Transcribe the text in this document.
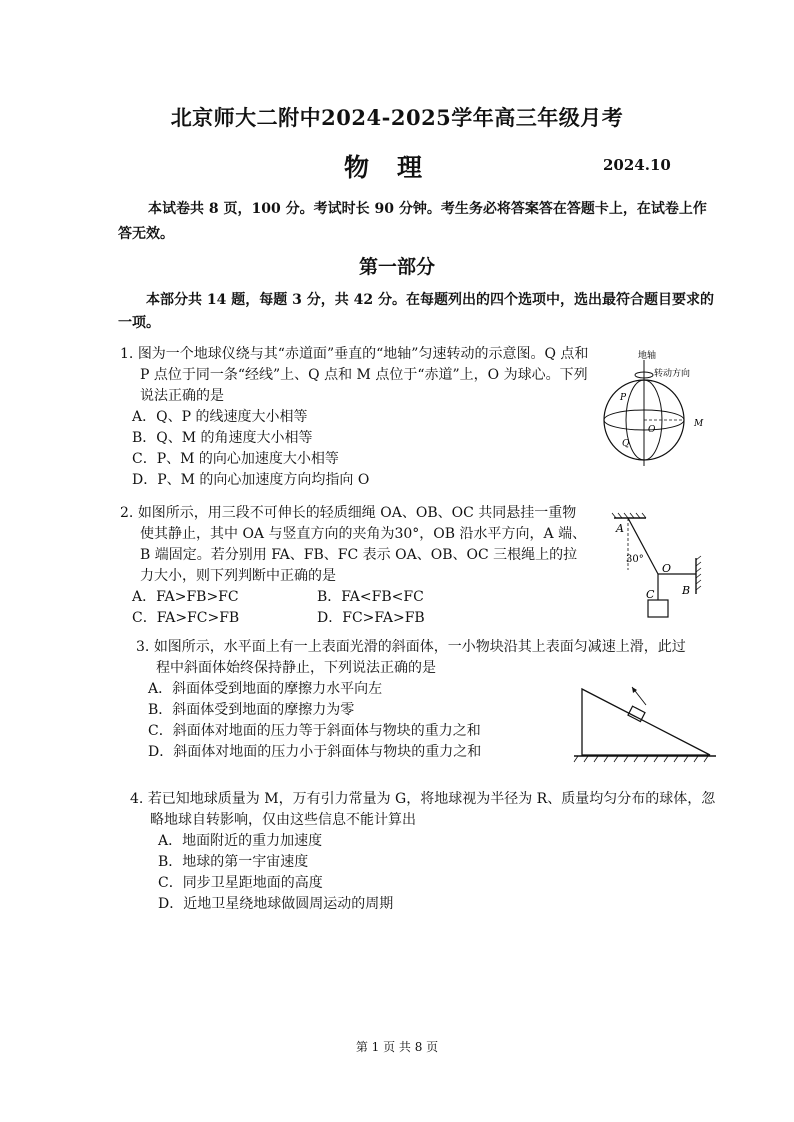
北京师大二附中2024-2025学年高三年级月考
物理	2024.10
本试卷共 8 页，100 分。考试时长 90 分钟。考生务必将答案答在答题卡上，在试卷上作答无效。
第一部分
本部分共 14 题，每题 3 分，共 42 分。在每题列出的四个选项中，选出最符合题目要求的一项。
1. 图为一个地球仪绕与其“赤道面”垂直的“地轴”匀速转动的示意图。Q 点和 P 点位于同一条“经线”上、Q 点和 M 点位于“赤道”上，O 为球心。下列说法正确的是
A．Q、P 的线速度大小相等
B．Q、M 的角速度大小相等
C．P、M 的向心加速度大小相等
D．P、M 的向心加速度方向均指向 O
地轴
转动方向
P
O
Q
M
2. 如图所示，用三段不可伸长的轻质细绳 OA、OB、OC 共同悬挂一重物使其静止，其中 OA 与竖直方向的夹角为30°，OB 沿水平方向，A 端、B 端固定。若分别用 FA、FB、FC 表示 OA、OB、OC 三根绳上的拉力大小，则下列判断中正确的是
A．FA>FB>FC	B．FA<FB<FC
C．FA>FC>FB	D．FC>FA>FB
A
30°
O
B
C
3. 如图所示，水平面上有一上表面光滑的斜面体，一小物块沿其上表面匀减速上滑，此过程中斜面体始终保持静止，下列说法正确的是
A．斜面体受到地面的摩擦力水平向左
B．斜面体受到地面的摩擦力为零
C．斜面体对地面的压力等于斜面体与物块的重力之和
D．斜面体对地面的压力小于斜面体与物块的重力之和
4. 若已知地球质量为 M，万有引力常量为 G，将地球视为半径为 R、质量均匀分布的球体，忽略地球自转影响，仅由这些信息不能计算出
A．地面附近的重力加速度
B．地球的第一宇宙速度
C．同步卫星距地面的高度
D．近地卫星绕地球做圆周运动的周期
第 1 页 共 8 页
